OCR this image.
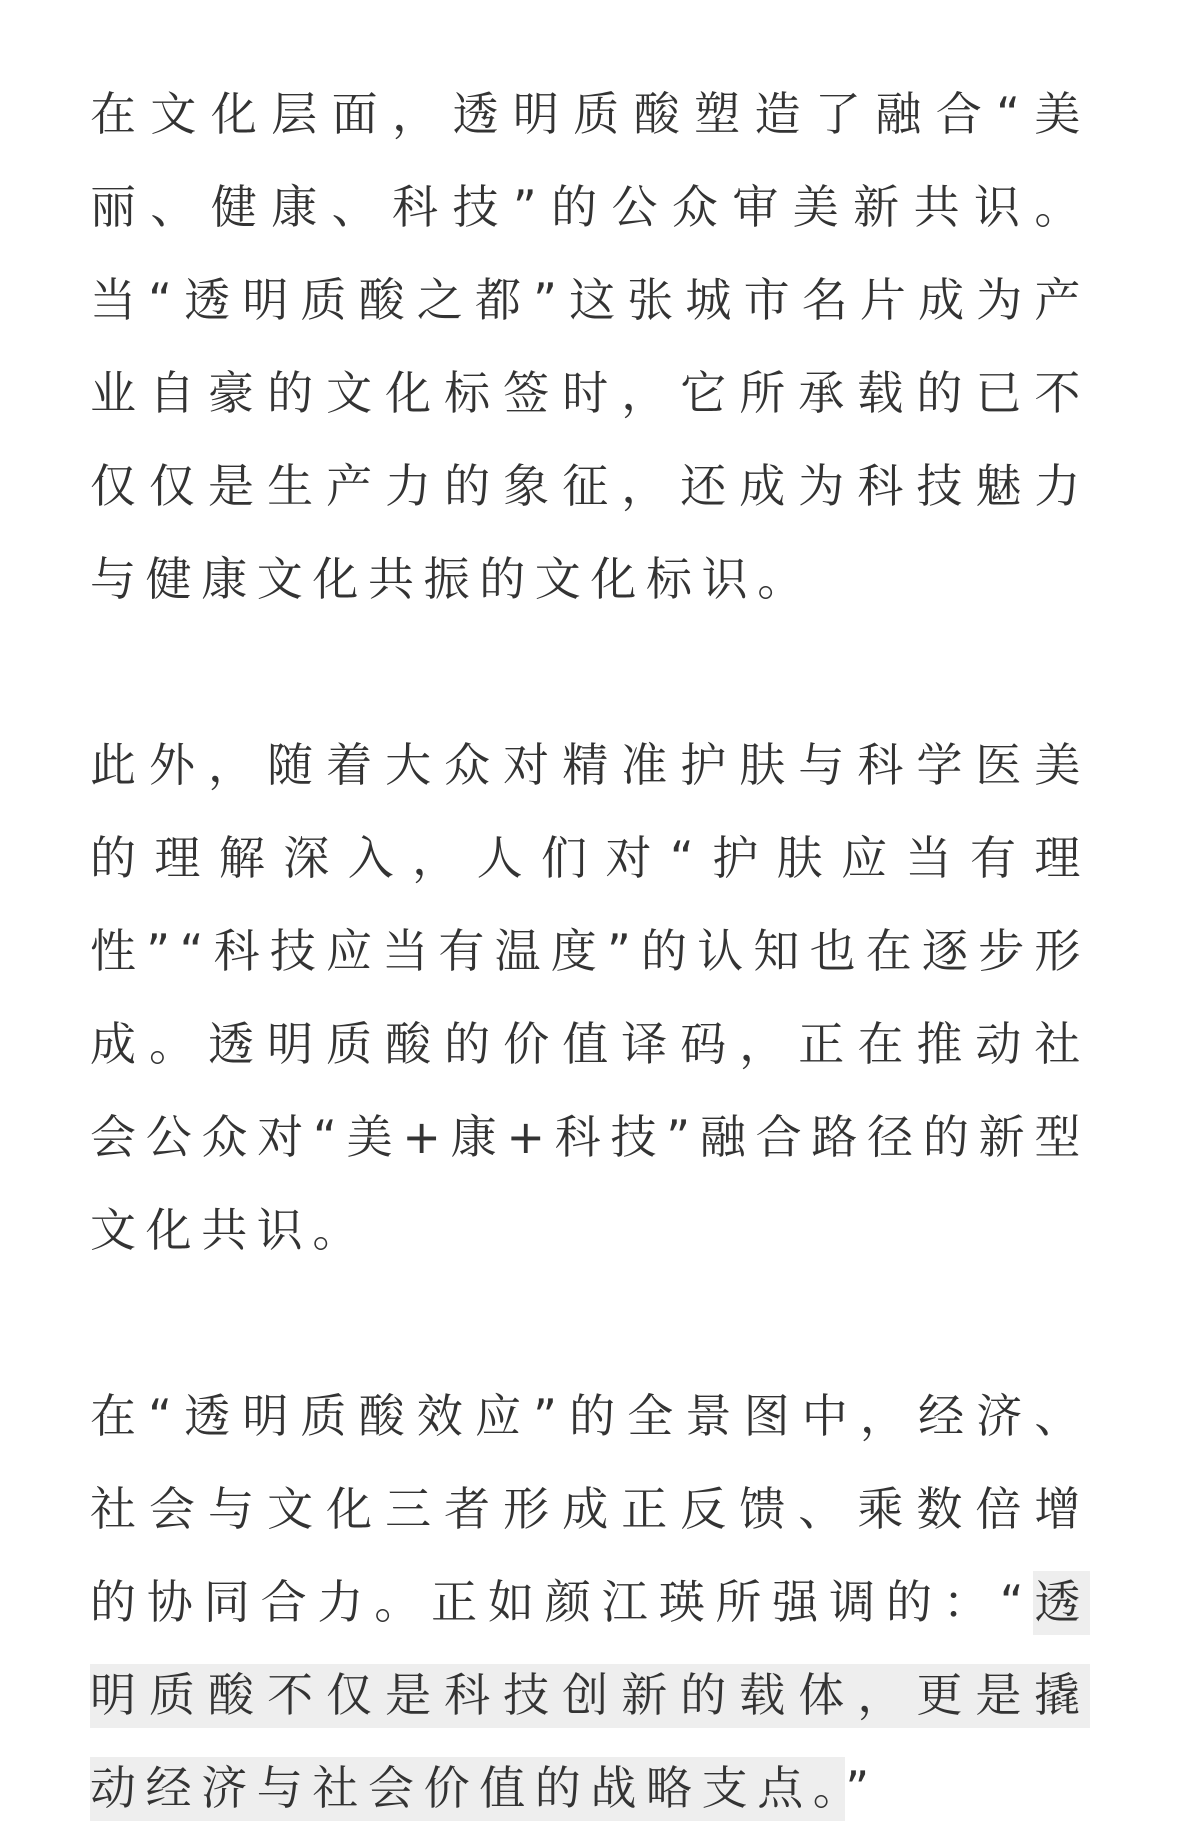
在文化层面，透明质酸塑造了融合“美丽、健康、科技”的公众审美新共识。当“透明质酸之都”这张城市名片成为产业自豪的文化标签时，它所承载的已不仅仅是生产力的象征，还成为科技魅力与健康文化共振的文化标识。

此外，随着大众对精准护肤与科学医美的理解深入，人们对“护肤应当有理性”“科技应当有温度”的认知也在逐步形成。透明质酸的价值译码，正在推动社会公众对“美+康+科技”融合路径的新型文化共识。

在“透明质酸效应”的全景图中，经济、社会与文化三者形成正反馈、乘数倍增的协同合力。正如颜江瑛所强调的：“透明质酸不仅是科技创新的载体，更是撬动经济与社会价值的战略支点。”
